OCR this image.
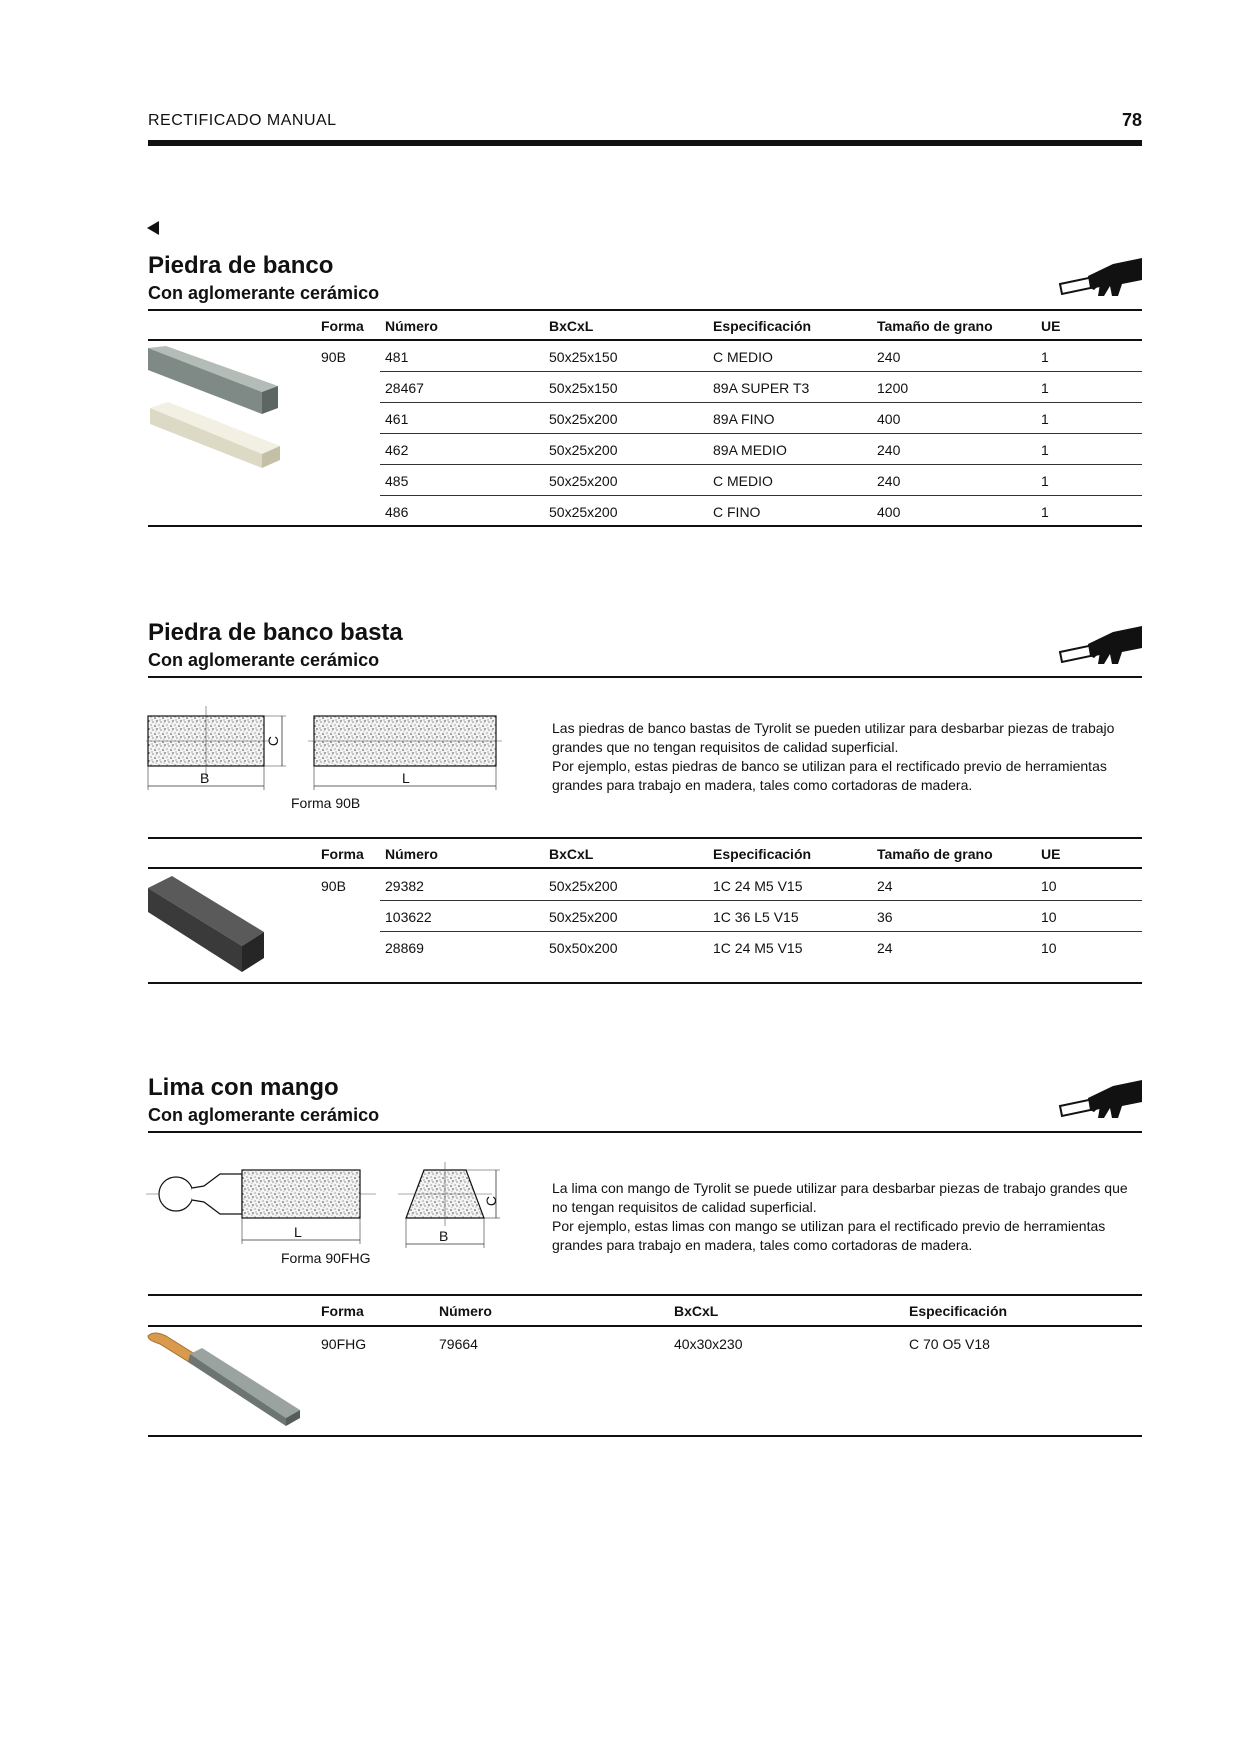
RECTIFICADO MANUAL	78
Piedra de banco
Con aglomerante cerámico
Forma Número	BxCxL	Especificación	Tamaño de grano	UE
90B	481	50x25x150	C MEDIO	240	1
28467	50x25x150	89A SUPER T3	1200	1
461	50x25x200	89A FINO	400	1
462	50x25x200	89A MEDIO	240	1
485	50x25x200	C MEDIO	240	1
486	50x25x200	C FINO	400	1
Piedra de banco basta
Con aglomerante cerámico
B
C
L
Forma 90B
Las piedras de banco bastas de Tyrolit se pueden utilizar para desbarbar piezas de trabajo grandes que no tengan requisitos de calidad superficial.
Por ejemplo, estas piedras de banco se utilizan para el rectificado previo de herramientas grandes para trabajo en madera, tales como cortadoras de madera.
Forma Número	BxCxL	Especificación	Tamaño de grano	UE
90B	29382	50x25x200	1C 24 M5 V15	24	10
103622	50x25x200	1C 36 L5 V15	36	10
28869	50x50x200	1C 24 M5 V15	24	10
Lima con mango
Con aglomerante cerámico
L
C
B
Forma 90FHG
La lima con mango de Tyrolit se puede utilizar para desbarbar piezas de trabajo grandes que no tengan requisitos de calidad superficial.
Por ejemplo, estas limas con mango se utilizan para el rectificado previo de herramientas grandes para trabajo en madera, tales como cortadoras de madera.
Forma	Número	BxCxL	Especificación
90FHG	79664	40x30x230	C 70 O5 V18
